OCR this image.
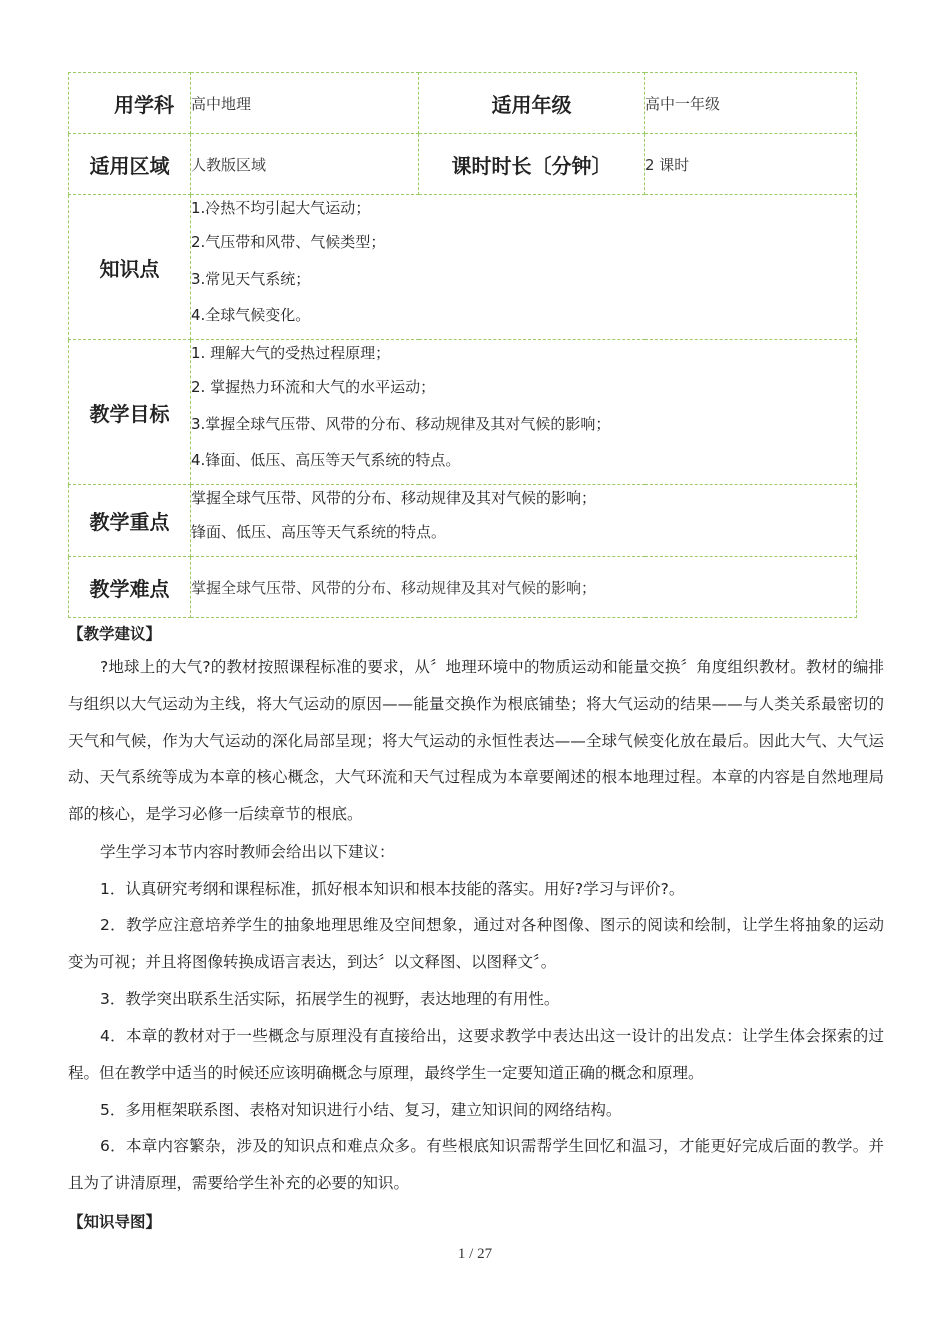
用学科	高中地理	适用年级	高中一年级
适用区域	人教版区域	课时时长〔分钟〕	2 课时
知识点	1.冷热不均引起大气运动；
2.气压带和风带、气候类型；
3.常见天气系统；
4.全球气候变化。		

教学目标	1. 理解大气的受热过程原理；
2. 掌握热力环流和大气的水平运动；
3.掌握全球气压带、风带的分布、移动规律及其对气候的影响；
4.锋面、低压、高压等天气系统的特点。		

教学重点	掌握全球气压带、风带的分布、移动规律及其对气候的影响；
锋面、低压、高压等天气系统的特点。		

教学难点	掌握全球气压带、风带的分布、移动规律及其对气候的影响；		
【教学建议】
?地球上的大气?的教材按照课程标准的要求，从〞地理环境中的物质运动和能量交换〞角度组织教材。教材的编排与组织以大气运动为主线，将大气运动的原因——能量交换作为根底铺垫；将大气运动的结果——与人类关系最密切的天气和气候，作为大气运动的深化局部呈现；将大气运动的永恒性表达——全球气候变化放在最后。因此大气、大气运动、天气系统等成为本章的核心概念，大气环流和天气过程成为本章要阐述的根本地理过程。本章的内容是自然地理局部的核心，是学习必修一后续章节的根底。
学生学习本节内容时教师会给出以下建议：
1．认真研究考纲和课程标准，抓好根本知识和根本技能的落实。用好?学习与评价?。
2．教学应注意培养学生的抽象地理思维及空间想象，通过对各种图像、图示的阅读和绘制，让学生将抽象的运动变为可视；并且将图像转换成语言表达，到达〞以文释图、以图释文〞。
3．教学突出联系生活实际，拓展学生的视野，表达地理的有用性。
4．本章的教材对于一些概念与原理没有直接给出，这要求教学中表达出这一设计的出发点：让学生体会探索的过程。但在教学中适当的时候还应该明确概念与原理，最终学生一定要知道正确的概念和原理。
5．多用框架联系图、表格对知识进行小结、复习，建立知识间的网络结构。
6．本章内容繁杂，涉及的知识点和难点众多。有些根底知识需帮学生回忆和温习，才能更好完成后面的教学。并且为了讲清原理，需要给学生补充的必要的知识。
【知识导图】
1 / 27
